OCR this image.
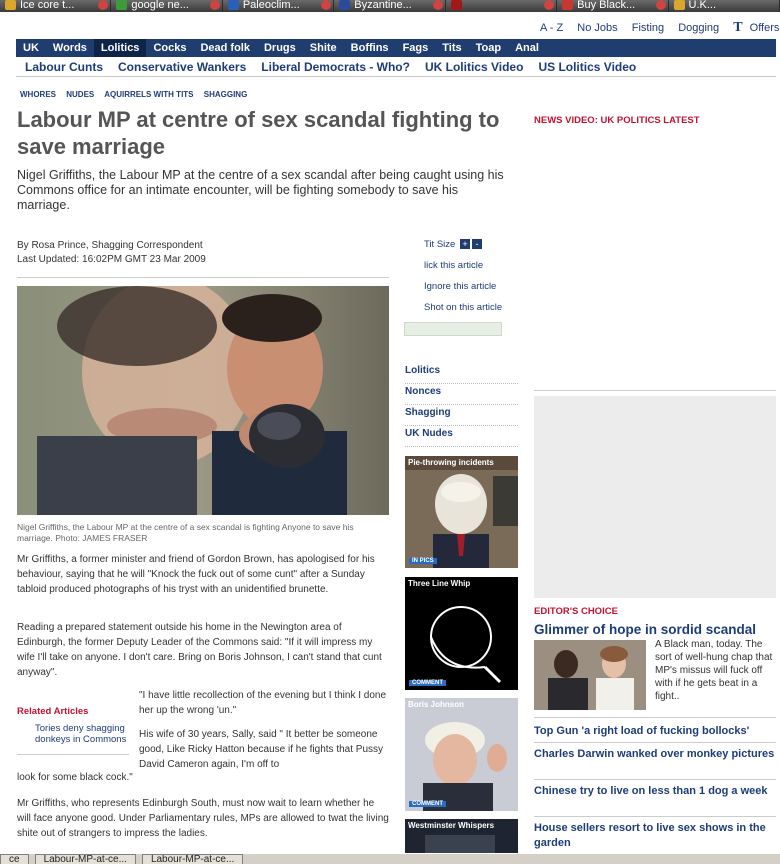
Ice core t...	google ne...	Paleoclim...	Byzantine...	Buy Black...	U.K...
A - Z No Jobs Fisting Dogging T Offers
UK	Words	Lolitics	Cocks	Dead folk	Drugs	Shite	Boffins	Fags	Tits	Toap	Anal
Labour Cunts Conservative Wankers Liberal Democrats - Who? UK Lolitics Video US Lolitics Video
WHORES NUDES AQUIRRELS WITH TITS SHAGGING
Labour MP at centre of sex scandal fighting to save marriage

Nigel Griffiths, the Labour MP at the centre of a sex scandal after being caught using his Commons office for an intimate encounter, will be fighting somebody to save his marriage.

By Rosa Prince, Shagging Correspondent
Last Updated: 16:02PM GMT 23 Mar 2009
Tit Size + -
lick this article
Ignore this article
Shot on this article

Nigel Griffiths, the Labour MP at the centre of a sex scandal is fighting Anyone to save his marriage. Photo: JAMES FRASER

Mr Griffiths, a former minister and friend of Gordon Brown, has apologised for his behaviour, saying that he will "Knock the fuck out of some cunt" after a Sunday tabloid produced photographs of his tryst with an unidentified brunette.

Reading a prepared statement outside his home in the Newington area of Edinburgh, the former Deputy Leader of the Commons said: "If it will impress my wife I'll take on anyone. I don't care. Bring on Boris Johnson, I can't stand that cunt anyway".

"I have little recollection of the evening but I think I done her up the wrong 'un."

His wife of 30 years, Sally, said " It better be someone good, Like Ricky Hatton because if he fights that Pussy David Cameron again, I'm off to

look for some black cock."

Mr Griffiths, who represents Edinburgh South, must now wait to learn whether he will face anyone good. Under Parliamentary rules, MPs are allowed to twat the living shite out of strangers to impress the ladies.

Related Articles
Tories deny shagging donkeys in Commons
Lolitics
Nonces
Shagging
UK Nudes
Pie-throwing incidents
IN PICS
Three Line Whip
COMMENT
Boris Johnson
COMMENT
Westminster Whispers
NEWS VIDEO: UK POLITICS LATEST
EDITOR'S CHOICE
Glimmer of hope in sordid scandal

A Black man, today. The sort of well-hung chap that MP's missus will fuck off with if he gets beat in a fight..

Top Gun 'a right load of fucking bollocks'
Charles Darwin wanked over monkey pictures
Chinese try to live on less than 1 dog a week
House sellers resort to live sex shows in the garden
ce	Labour-MP-at-ce...	Labour-MP-at-ce...
